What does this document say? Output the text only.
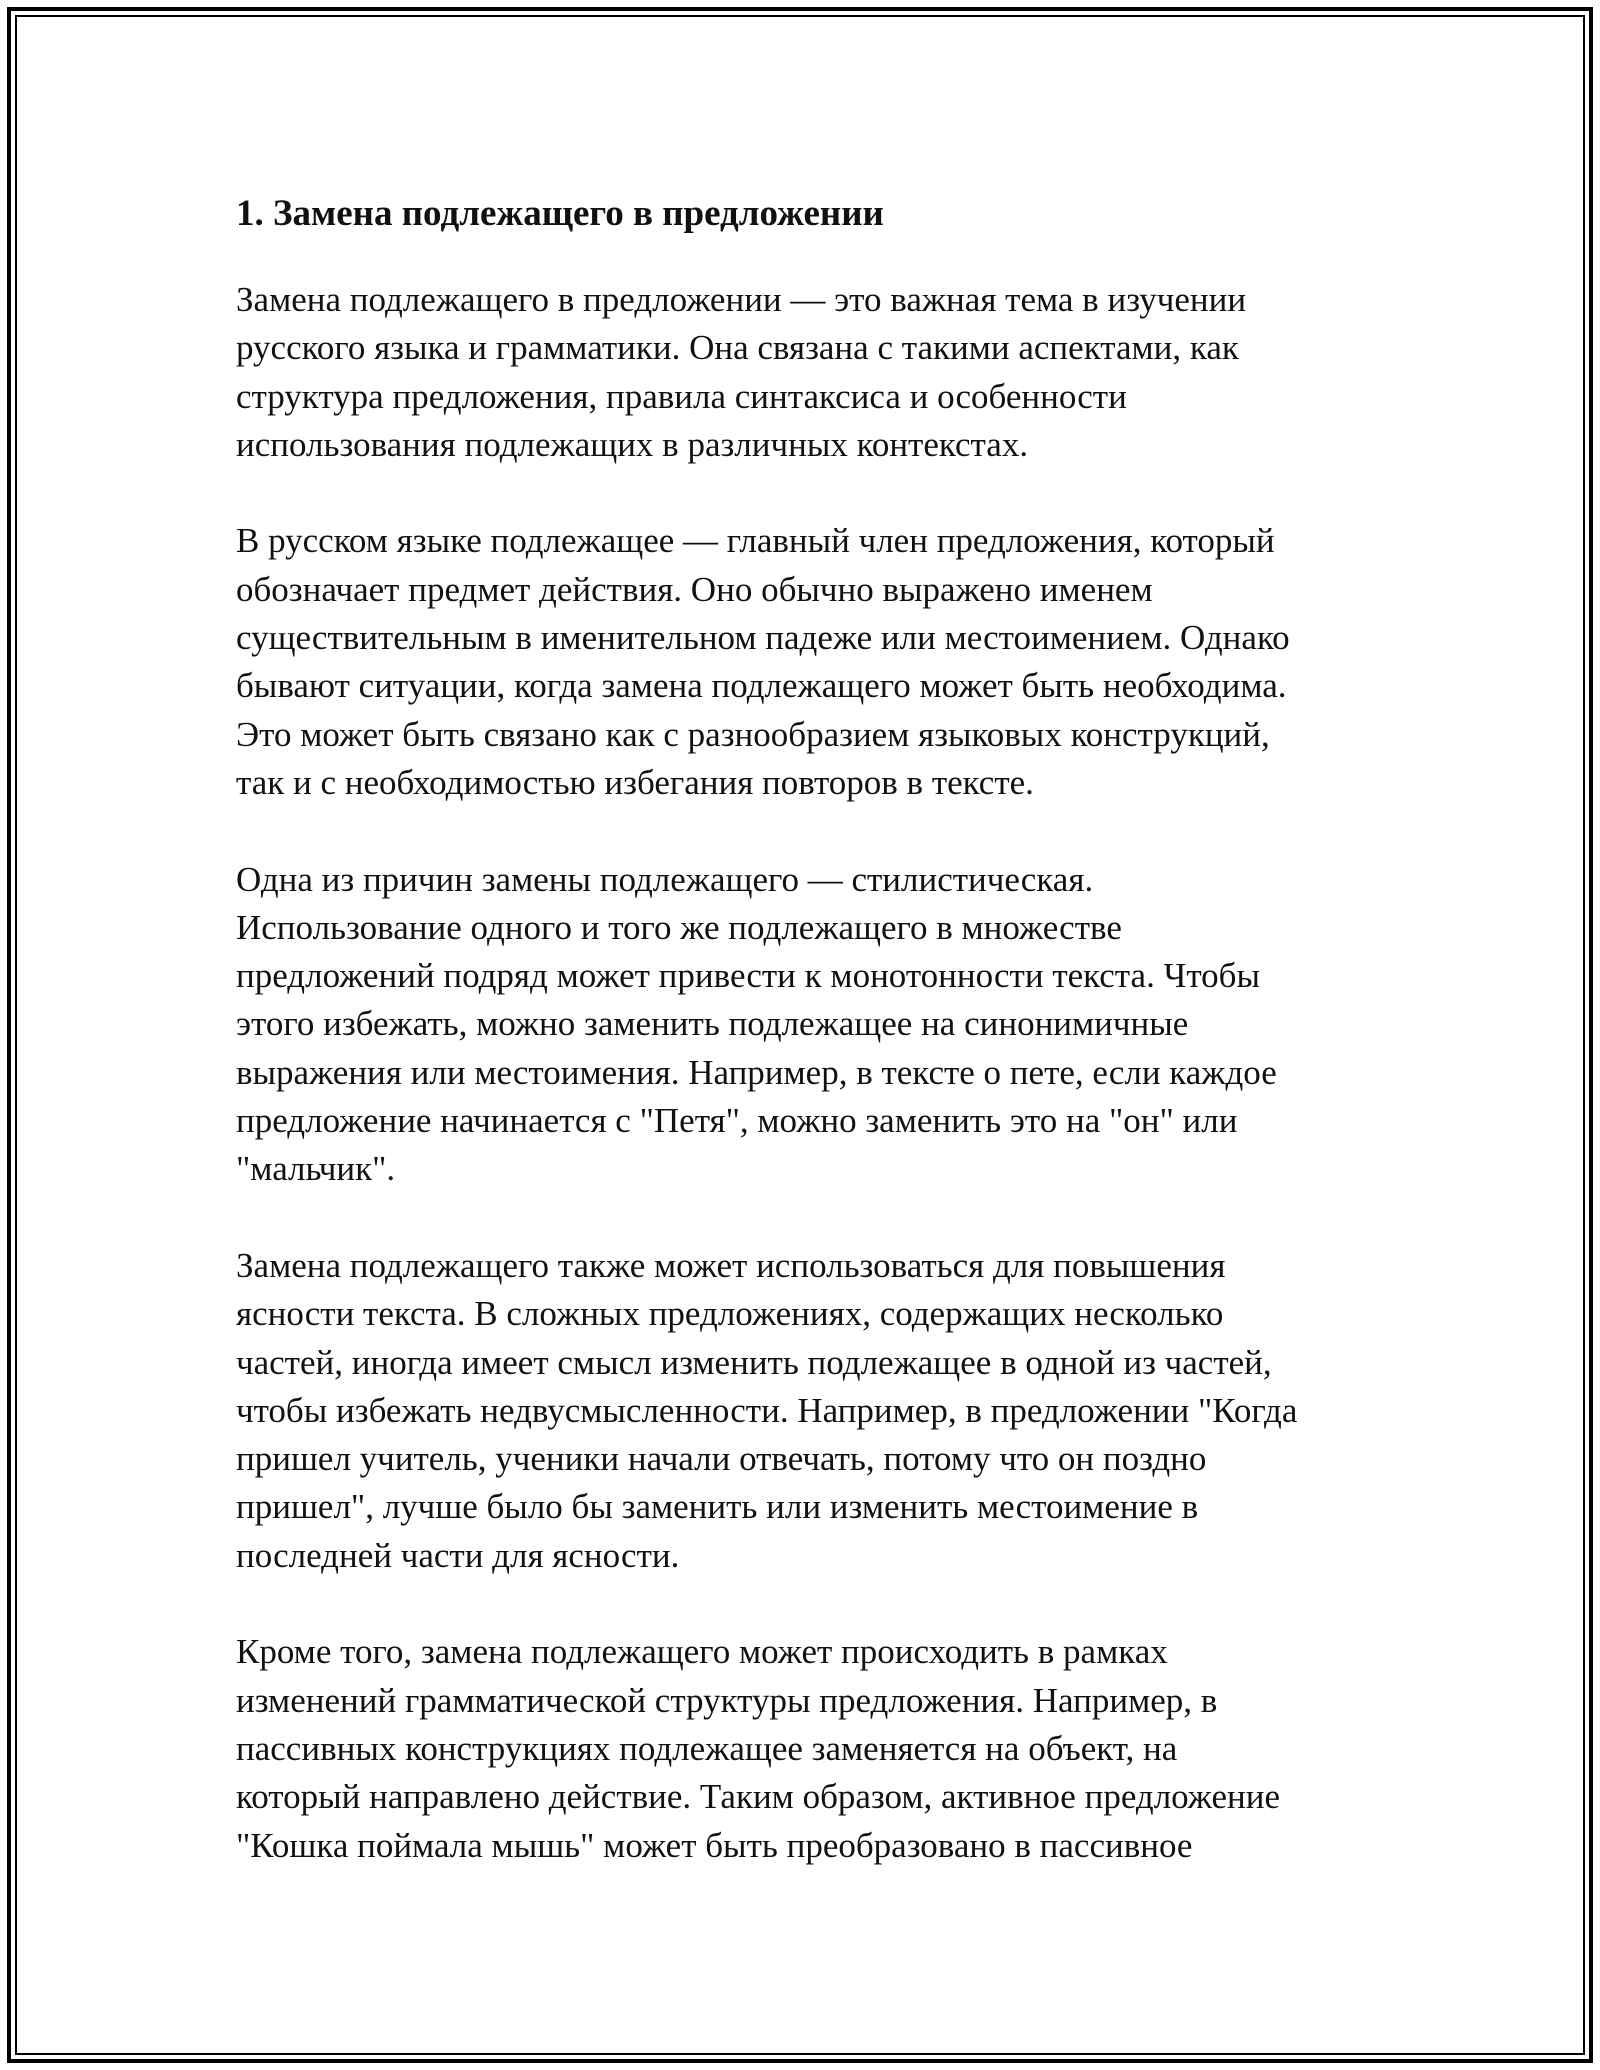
1. Замена подлежащего в предложении

Замена подлежащего в предложении — это важная тема в изучении
русского языка и грамматики. Она связана с такими аспектами, как
структура предложения, правила синтаксиса и особенности
использования подлежащих в различных контекстах.

В русском языке подлежащее — главный член предложения, который
обозначает предмет действия. Оно обычно выражено именем
существительным в именительном падеже или местоимением. Однако
бывают ситуации, когда замена подлежащего может быть необходима.
Это может быть связано как с разнообразием языковых конструкций,
так и с необходимостью избегания повторов в тексте.

Одна из причин замены подлежащего — стилистическая.
Использование одного и того же подлежащего в множестве
предложений подряд может привести к монотонности текста. Чтобы
этого избежать, можно заменить подлежащее на синонимичные
выражения или местоимения. Например, в тексте о пете, если каждое
предложение начинается с "Петя", можно заменить это на "он" или
"мальчик".

Замена подлежащего также может использоваться для повышения
ясности текста. В сложных предложениях, содержащих несколько
частей, иногда имеет смысл изменить подлежащее в одной из частей,
чтобы избежать недвусмысленности. Например, в предложении "Когда
пришел учитель, ученики начали отвечать, потому что он поздно
пришел", лучше было бы заменить или изменить местоимение в
последней части для ясности.

Кроме того, замена подлежащего может происходить в рамках
изменений грамматической структуры предложения. Например, в
пассивных конструкциях подлежащее заменяется на объект, на
который направлено действие. Таким образом, активное предложение
"Кошка поймала мышь" может быть преобразовано в пассивное
